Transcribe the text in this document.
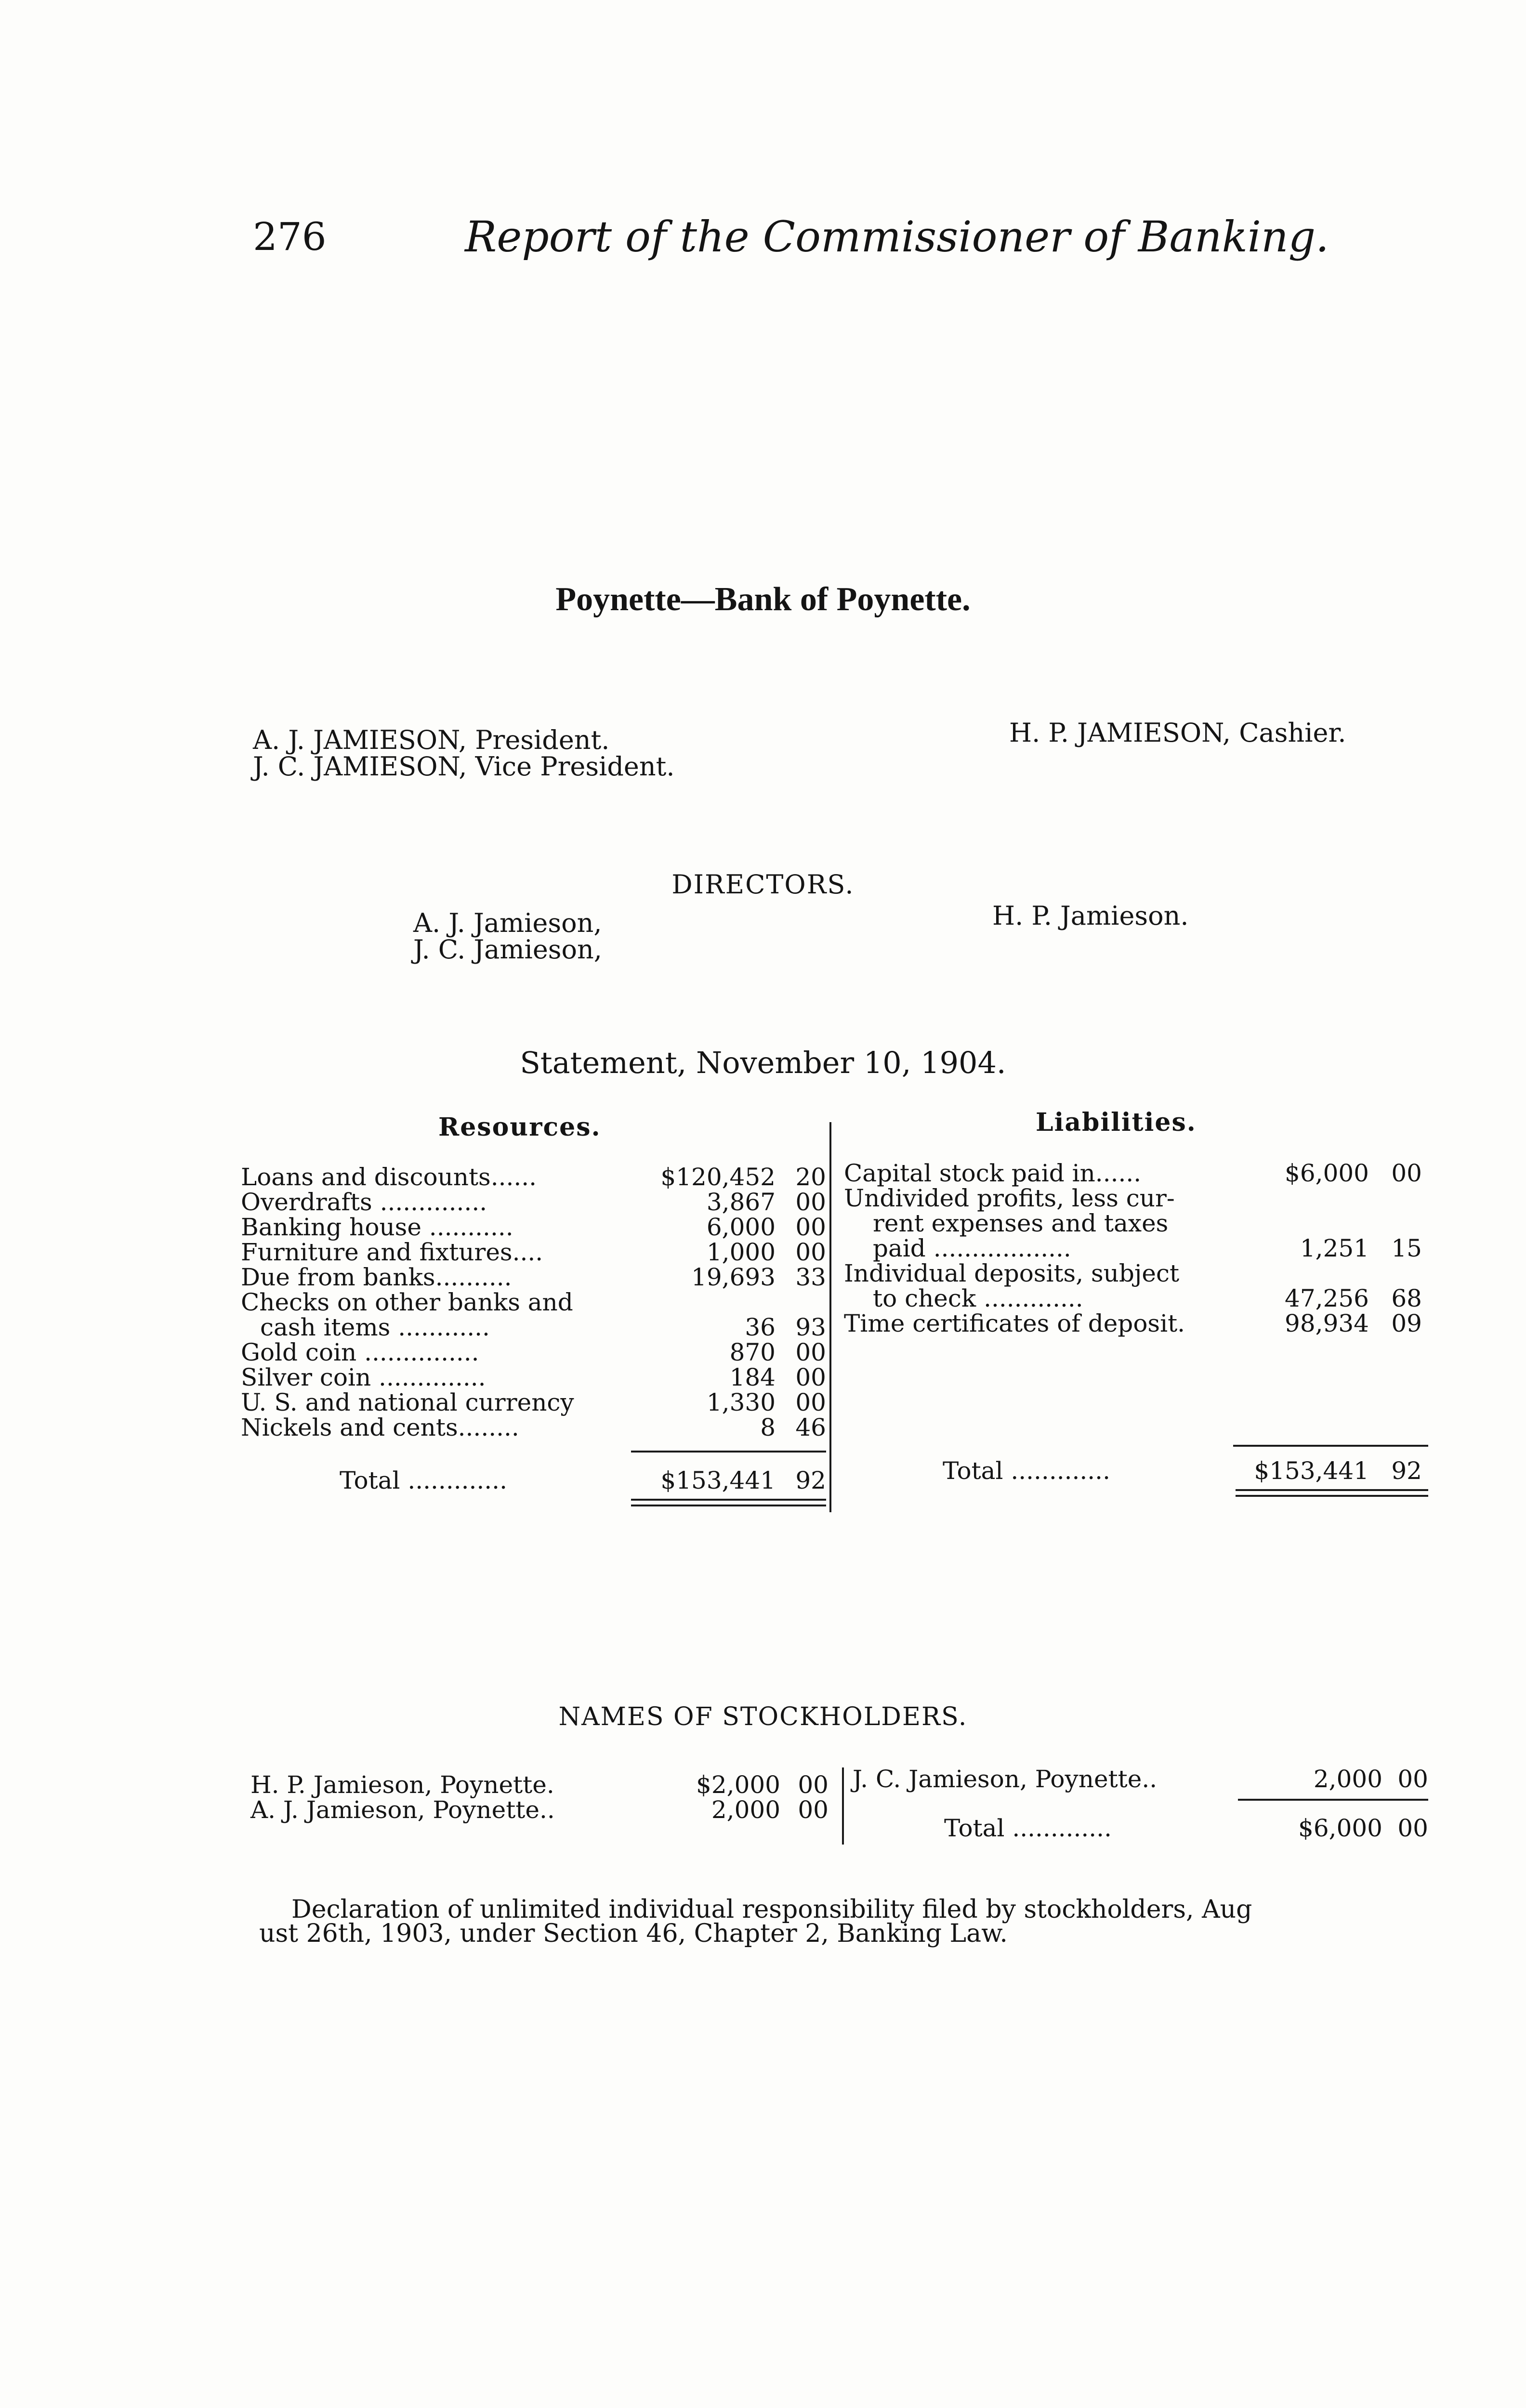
276	Report of the Commissioner of Banking.
Poynette—Bank of Poynette.
A. J. JAMIESON, President.
J. C. JAMIESON, Vice President.
H. P. JAMIESON, Cashier.
DIRECTORS.
A. J. Jamieson,
J. C. Jamieson,
H. P. Jamieson.
Statement, November 10, 1904.
Resources.	Liabilities.
Loans and discounts......	$120,452 20
Overdrafts ..............	3,867 00
Banking house ...........	6,000 00
Furniture and fixtures....	1,000 00
Due from banks..........	19,693 33
Checks on other banks and
cash items ............	36 93
Gold coin ...............	870 00
Silver coin ..............	184 00
U. S. and national currency	1,330 00
Nickels and cents........	8 46
Total .............	$153,441 92
Capital stock paid in......	$6,000 00
Undivided profits, less cur-
rent expenses and taxes
paid ..................	1,251 15
Individual deposits, subject
to check .............	47,256 68
Time certificates of deposit.	98,934 09
Total .............	$153,441 92
NAMES OF STOCKHOLDERS.
H. P. Jamieson, Poynette.	$2,000 00
A. J. Jamieson, Poynette..	2,000 00
J. C. Jamieson, Poynette..	2,000 00
Total .............	$6,000 00
Declaration of unlimited individual responsibility filed by stockholders, Aug
ust 26th, 1903, under Section 46, Chapter 2, Banking Law.
